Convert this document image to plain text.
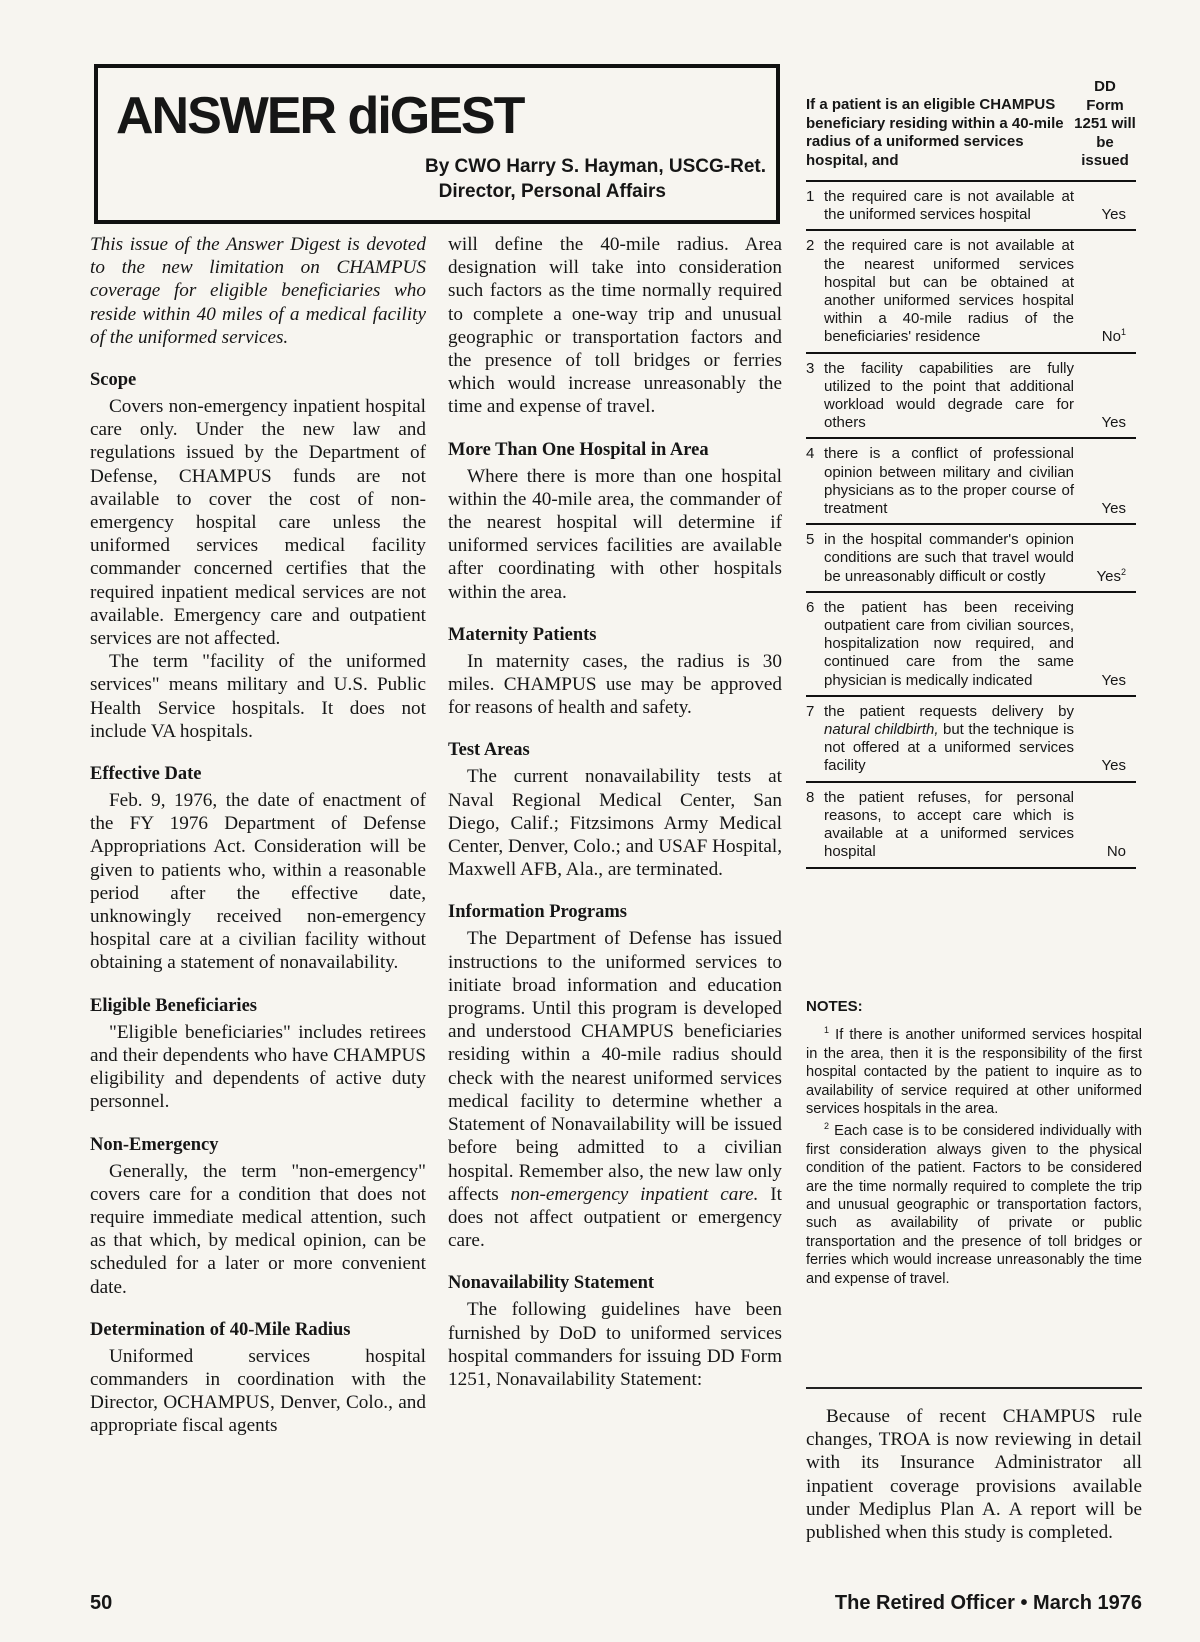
ANSWER diGEST
By CWO Harry S. Hayman, USCG-Ret.
Director, Personal Affairs

This issue of the Answer Digest is devoted to the new limitation on CHAMPUS coverage for eligible beneficiaries who reside within 40 miles of a medical facility of the uniformed services.

Scope

Covers non-emergency inpatient hospital care only. Under the new law and regulations issued by the Department of Defense, CHAMPUS funds are not available to cover the cost of non-emergency hospital care unless the uniformed services medical facility commander concerned certifies that the required inpatient medical services are not available. Emergency care and outpatient services are not affected.

The term "facility of the uniformed services" means military and U.S. Public Health Service hospitals. It does not include VA hospitals.

Effective Date

Feb. 9, 1976, the date of enactment of the FY 1976 Department of Defense Appropriations Act. Consideration will be given to patients who, within a reasonable period after the effective date, unknowingly received non-emergency hospital care at a civilian facility without obtaining a statement of nonavailability.

Eligible Beneficiaries

"Eligible beneficiaries" includes retirees and their dependents who have CHAMPUS eligibility and dependents of active duty personnel.

Non-Emergency

Generally, the term "non-emergency" covers care for a condition that does not require immediate medical attention, such as that which, by medical opinion, can be scheduled for a later or more convenient date.

Determination of 40-Mile Radius

Uniformed services hospital commanders in coordination with the Director, OCHAMPUS, Denver, Colo., and appropriate fiscal agents

will define the 40-mile radius. Area designation will take into consideration such factors as the time normally required to complete a one-way trip and unusual geographic or transportation factors and the presence of toll bridges or ferries which would increase unreasonably the time and expense of travel.

More Than One Hospital in Area

Where there is more than one hospital within the 40-mile area, the commander of the nearest hospital will determine if uniformed services facilities are available after coordinating with other hospitals within the area.

Maternity Patients

In maternity cases, the radius is 30 miles. CHAMPUS use may be approved for reasons of health and safety.

Test Areas

The current nonavailability tests at Naval Regional Medical Center, San Diego, Calif.; Fitzsimons Army Medical Center, Denver, Colo.; and USAF Hospital, Maxwell AFB, Ala., are terminated.

Information Programs

The Department of Defense has issued instructions to the uniformed services to initiate broad information and education programs. Until this program is developed and understood CHAMPUS beneficiaries residing within a 40-mile radius should check with the nearest uniformed services medical facility to determine whether a Statement of Nonavailability will be issued before being admitted to a civilian hospital. Remember also, the new law only affects non-emergency inpatient care. It does not affect outpatient or emergency care.

Nonavailability Statement

The following guidelines have been furnished by DoD to uniformed services hospital commanders for issuing DD Form 1251, Nonavailability Statement:

If a patient is an eligible CHAMPUS beneficiary residing within a 40-mile radius of a uniformed services hospital, and
DD Form 1251 will be issued
1 the required care is not available at the uniformed services hospital	Yes
2 the required care is not available at the nearest uniformed services hospital but can be obtained at another uniformed services hospital within a 40-mile radius of the beneficiaries' residence	No$^1$
3 the facility capabilities are fully utilized to the point that additional workload would degrade care for others	Yes
4 there is a conflict of professional opinion between military and civilian physicians as to the proper course of treatment	Yes
5 in the hospital commander's opinion conditions are such that travel would be unreasonably difficult or costly	Yes$^2$
6 the patient has been receiving outpatient care from civilian sources, hospitalization now required, and continued care from the same physician is medically indicated	Yes
7 the patient requests delivery by natural childbirth, but the technique is not offered at a uniformed services facility	Yes
8 the patient refuses, for personal reasons, to accept care which is available at a uniformed services hospital	No
NOTES:

$^1$ If there is another uniformed services hospital in the area, then it is the responsibility of the first hospital contacted by the patient to inquire as to availability of service required at other uniformed services hospitals in the area.

$^2$ Each case is to be considered individually with first consideration always given to the physical condition of the patient. Factors to be considered are the time normally required to complete the trip and unusual geographic or transportation factors, such as availability of private or public transportation and the presence of toll bridges or ferries which would increase unreasonably the time and expense of travel.

Because of recent CHAMPUS rule changes, TROA is now reviewing in detail with its Insurance Administrator all inpatient coverage provisions available under Mediplus Plan A. A report will be published when this study is completed.

50	The Retired Officer • March 1976
